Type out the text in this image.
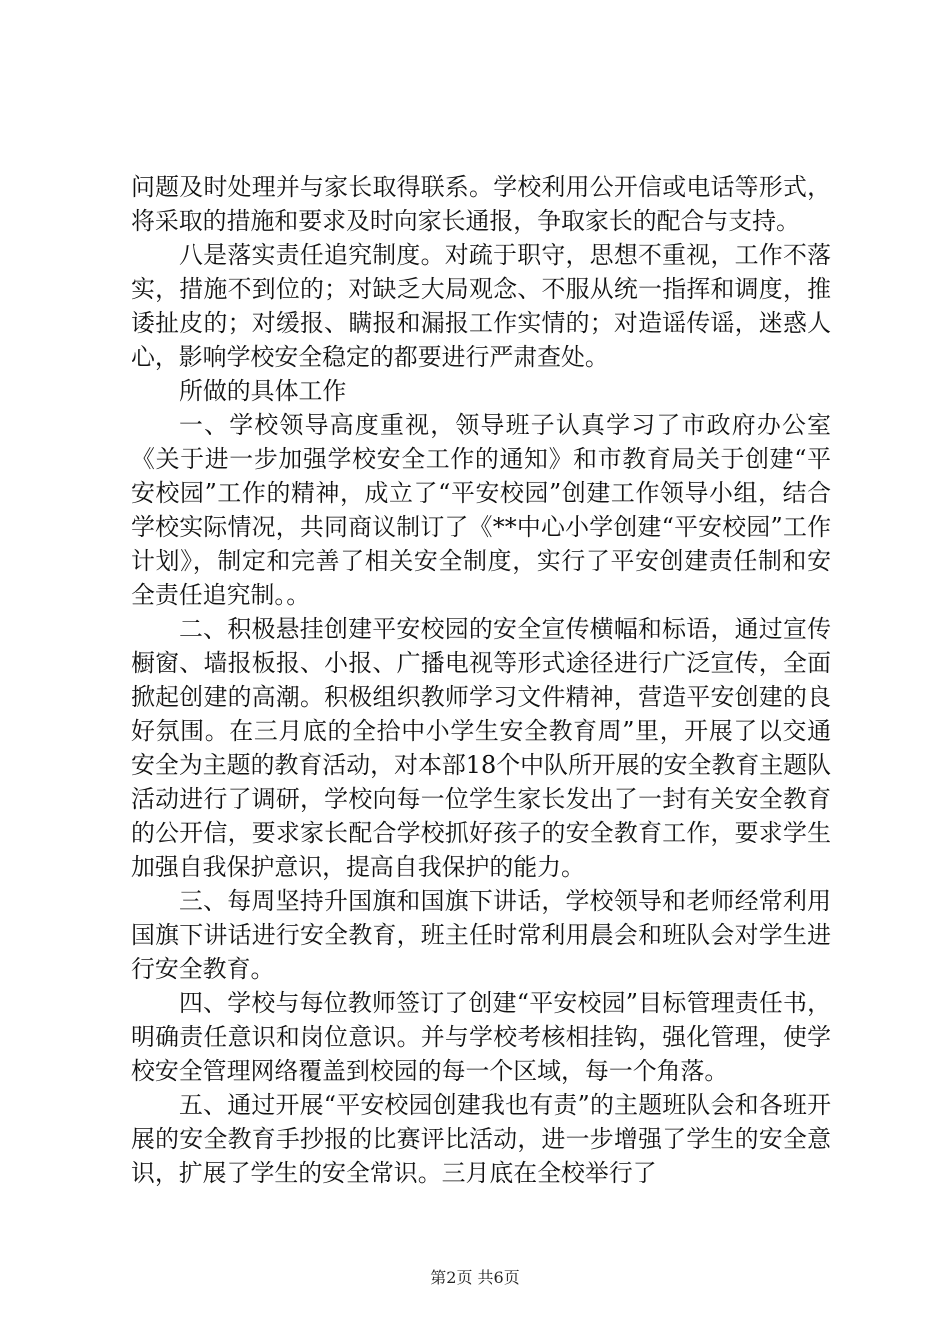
问题及时处理并与家长取得联系。学校利用公开信或电话等形式，将采取的措施和要求及时向家长通报，争取家长的配合与支持。

八是落实责任追究制度。对疏于职守，思想不重视，工作不落实，措施不到位的；对缺乏大局观念、不服从统一指挥和调度，推诿扯皮的；对缓报、瞒报和漏报工作实情的；对造谣传谣，迷惑人心，影响学校安全稳定的都要进行严肃查处。

所做的具体工作

一、学校领导高度重视，领导班子认真学习了市政府办公室《关于进一步加强学校安全工作的通知》和市教育局关于创建“平安校园”工作的精神，成立了“平安校园”创建工作领导小组，结合学校实际情况，共同商议制订了《**中心小学创建“平安校园”工作计划》，制定和完善了相关安全制度，实行了平安创建责任制和安全责任追究制。。

二、积极悬挂创建平安校园的安全宣传横幅和标语，通过宣传橱窗、墙报板报、小报、广播电视等形式途径进行广泛宣传，全面掀起创建的高潮。积极组织教师学习文件精神，营造平安创建的良好氛围。在三月底的全拾中小学生安全教育周”里，开展了以交通安全为主题的教育活动，对本部18个中队所开展的安全教育主题队活动进行了调研，学校向每一位学生家长发出了一封有关安全教育的公开信，要求家长配合学校抓好孩子的安全教育工作，要求学生加强自我保护意识，提高自我保护的能力。

三、每周坚持升国旗和国旗下讲话，学校领导和老师经常利用国旗下讲话进行安全教育，班主任时常利用晨会和班队会对学生进行安全教育。

四、学校与每位教师签订了创建“平安校园”目标管理责任书，明确责任意识和岗位意识。并与学校考核相挂钩，强化管理，使学校安全管理网络覆盖到校园的每一个区域，每一个角落。

五、通过开展“平安校园创建我也有责”的主题班队会和各班开展的安全教育手抄报的比赛评比活动，进一步增强了学生的安全意识，扩展了学生的安全常识。三月底在全校举行了

第2页 共6页
